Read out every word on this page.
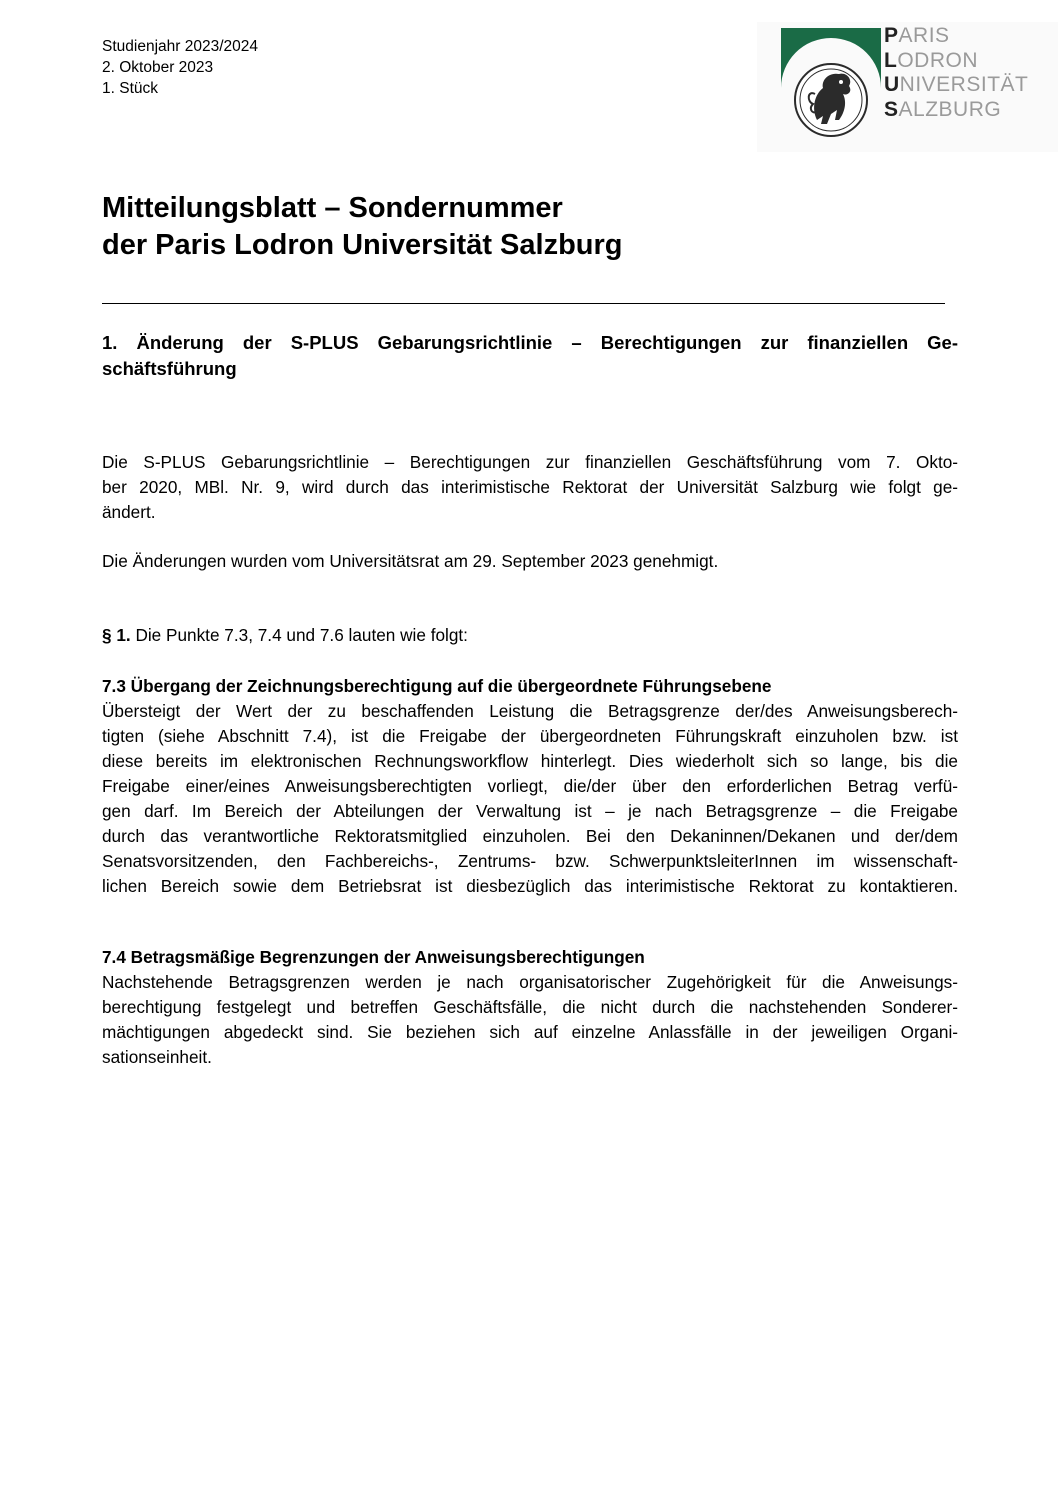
Studienjahr 2023/2024
2. Oktober 2023
1. Stück
PARIS
LODRON
UNIVERSITÄT
SALZBURG
Mitteilungsblatt – Sondernummer
der Paris Lodron Universität Salzburg
1. Änderung der S-PLUS Gebarungsrichtlinie – Berechtigungen zur finanziellen Ge-
schäftsführung

Die S-PLUS Gebarungsrichtlinie – Berechtigungen zur finanziellen Geschäftsführung vom 7. Okto-
ber 2020, MBl. Nr. 9, wird durch das interimistische Rektorat der Universität Salzburg wie folgt ge-
ändert.

Die Änderungen wurden vom Universitätsrat am 29. September 2023 genehmigt.

§ 1. Die Punkte 7.3, 7.4 und 7.6 lauten wie folgt:

7.3 Übergang der Zeichnungsberechtigung auf die übergeordnete Führungsebene
Übersteigt der Wert der zu beschaffenden Leistung die Betragsgrenze der/des Anweisungsberech-
tigten (siehe Abschnitt 7.4), ist die Freigabe der übergeordneten Führungskraft einzuholen bzw. ist
diese bereits im elektronischen Rechnungsworkflow hinterlegt. Dies wiederholt sich so lange, bis die
Freigabe einer/eines Anweisungsberechtigten vorliegt, die/der über den erforderlichen Betrag verfü-
gen darf. Im Bereich der Abteilungen der Verwaltung ist – je nach Betragsgrenze – die Freigabe
durch das verantwortliche Rektoratsmitglied einzuholen. Bei den Dekaninnen/Dekanen und der/dem
Senatsvorsitzenden, den Fachbereichs-, Zentrums- bzw. SchwerpunktsleiterInnen im wissenschaft-
lichen Bereich sowie dem Betriebsrat ist diesbezüglich das interimistische Rektorat zu kontaktieren.
7.4 Betragsmäßige Begrenzungen der Anweisungsberechtigungen
Nachstehende Betragsgrenzen werden je nach organisatorischer Zugehörigkeit für die Anweisungs-
berechtigung festgelegt und betreffen Geschäftsfälle, die nicht durch die nachstehenden Sonderer-
mächtigungen abgedeckt sind. Sie beziehen sich auf einzelne Anlassfälle in der jeweiligen Organi-
sationseinheit.
